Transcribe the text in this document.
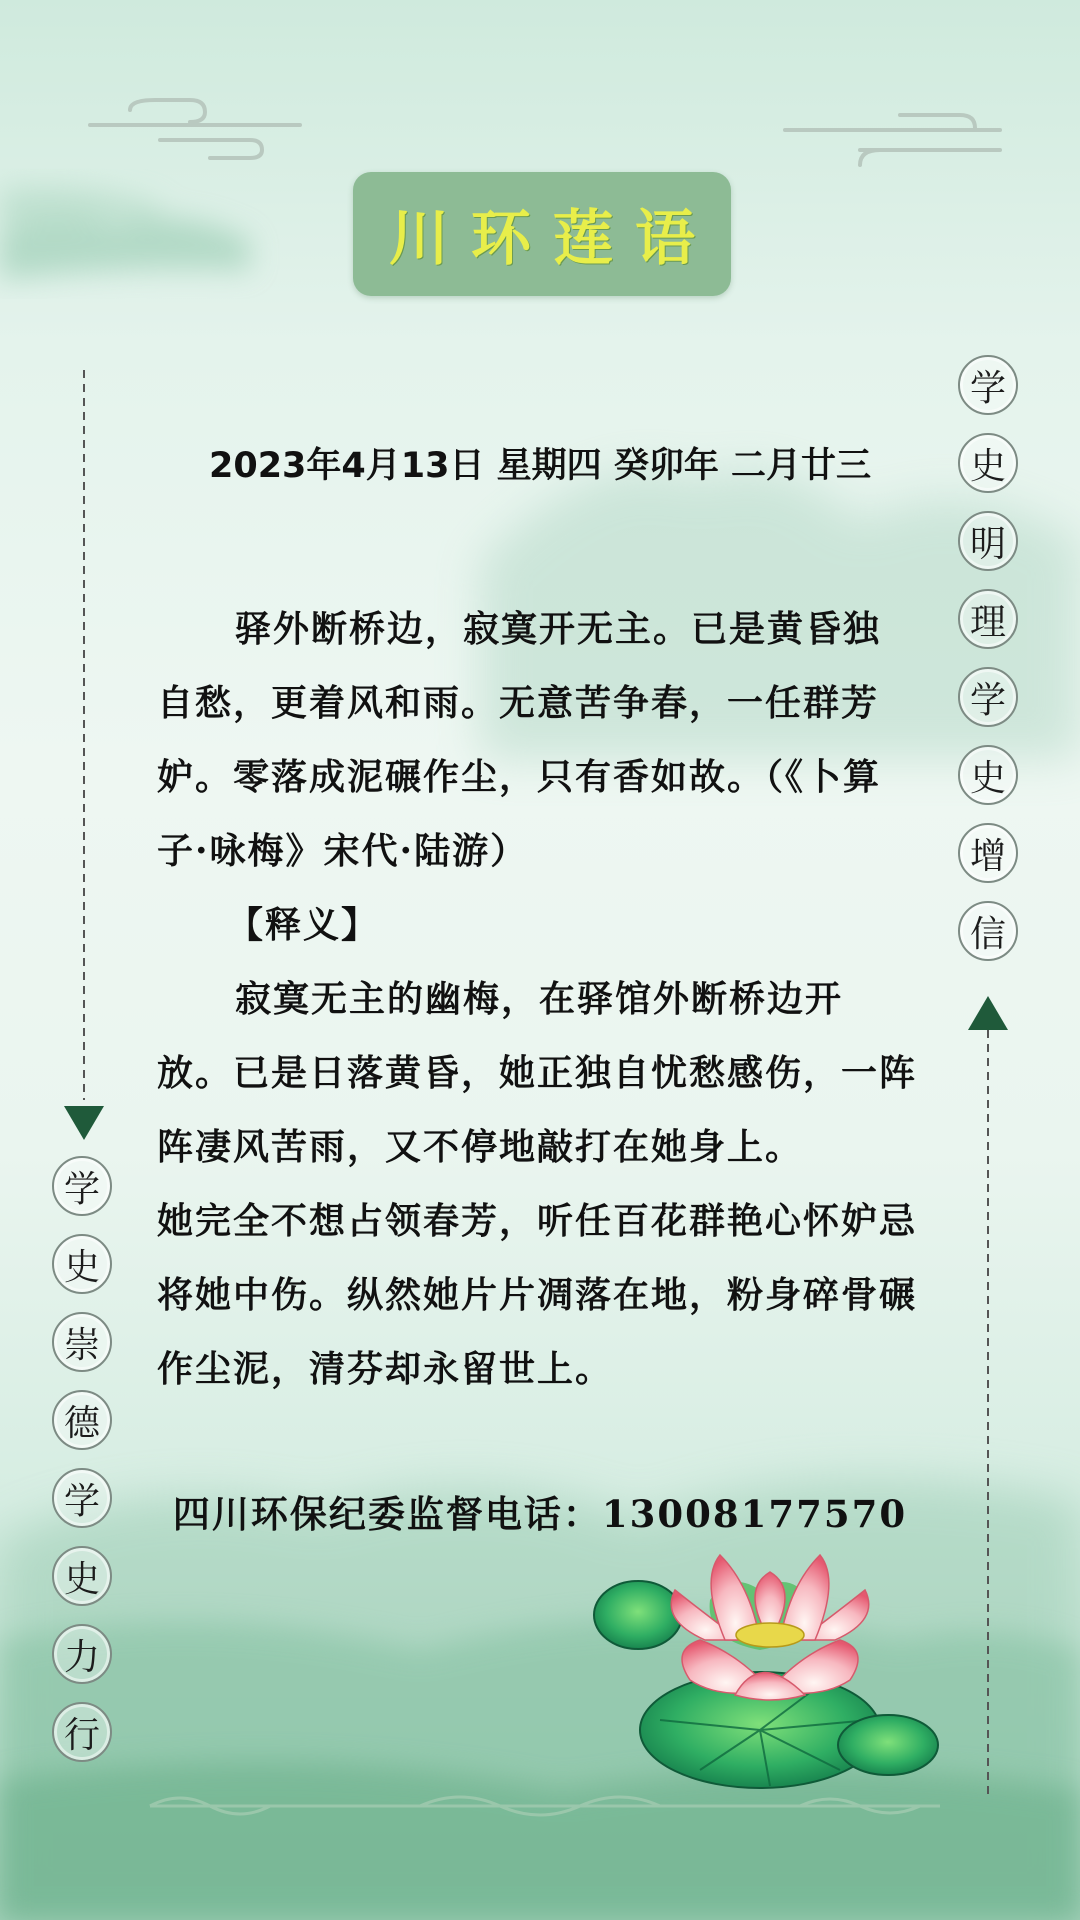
川环莲语
2023年4月13日 星期四 癸卯年 二月廿三

驿外断桥边，寂寞开无主。已是黄昏独自愁，更着风和雨。无意苦争春，一任群芳妒。零落成泥碾作尘，只有香如故。（《卜算子·咏梅》宋代·陆游）

【释义】

寂寞无主的幽梅，在驿馆外断桥边开放。已是日落黄昏，她正独自忧愁感伤，一阵阵凄风苦雨，又不停地敲打在她身上。

她完全不想占领春芳，听任百花群艳心怀妒忌将她中伤。纵然她片片凋落在地，粉身碎骨碾作尘泥，清芬却永留世上。

四川环保纪委监督电话：13008177570
学
史
明
理
学
史
增
信
学
史
崇
德
学
史
力
行
